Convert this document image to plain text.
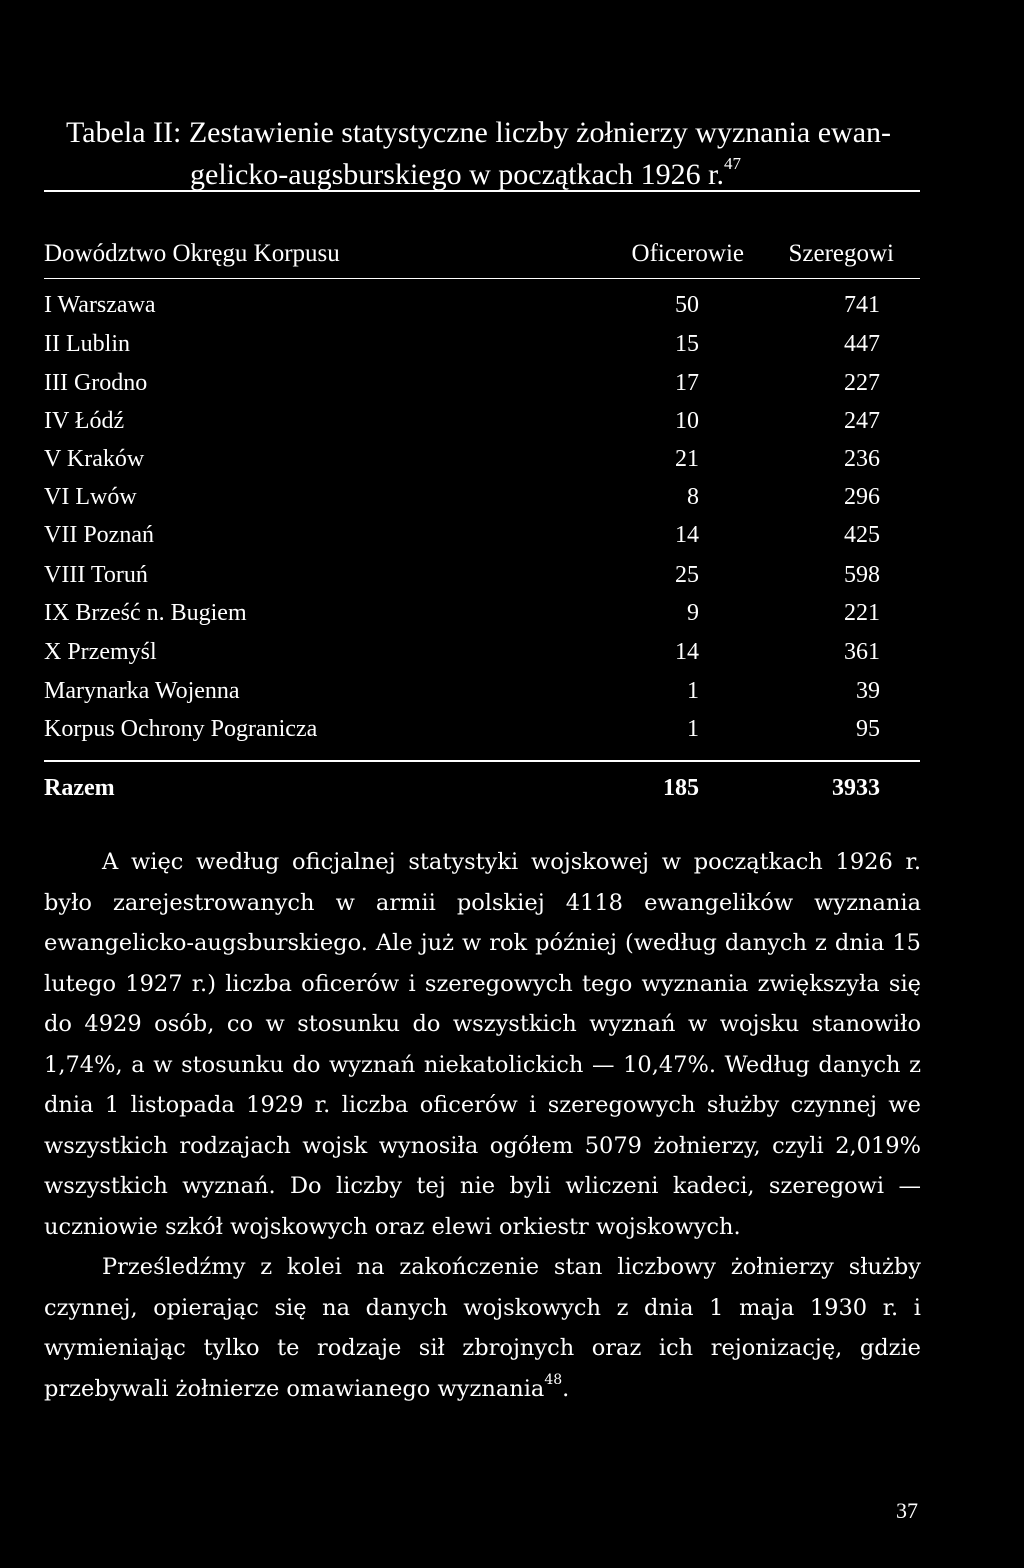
Tabela II: Zestawienie statystyczne liczby żołnierzy wyznania ewan-
gelicko-augsburskiego w początkach 1926 r.$^{47}$
Dowództwo Okręgu Korpusu	Oficerowie Szeregowi
I Warszawa	50	741
II Lublin	15	447
III Grodno	17	227
IV Łódź	10	247
V Kraków	21	236
VI Lwów	8	296
VII Poznań	14	425
VIII Toruń	25	598
IX Brześć n. Bugiem	9	221
X Przemyśl	14	361
Marynarka Wojenna	1	39
Korpus Ochrony Pogranicza	1	95
Razem	185	3933

A więc według oficjalnej statystyki wojskowej w początkach 1926 r. było zarejestrowanych w armii polskiej 4118 ewangelików wyznania ewangelicko-augsburskiego. Ale już w rok później (według danych z dnia 15 lutego 1927 r.) liczba oficerów i szeregowych tego wyznania zwiększyła się do 4929 osób, co w stosunku do wszystkich wyznań w wojsku stanowiło 1,74%, a w stosunku do wyznań niekatolickich — 10,47%. Według danych z dnia 1 listopada 1929 r. liczba oficerów i szeregowych służby czynnej we wszystkich rodzajach wojsk wynosiła ogółem 5079 żołnierzy, czyli 2,019% wszystkich wyznań. Do liczby tej nie byli wliczeni kadeci, szeregowi — uczniowie szkół wojskowych oraz elewi orkiestr wojskowych.

Prześledźmy z kolei na zakończenie stan liczbowy żołnierzy służby czynnej, opierając się na danych wojskowych z dnia 1 maja 1930 r. i wymieniając tylko te rodzaje sił zbrojnych oraz ich rejonizację, gdzie przebywali żołnierze omawianego wyznania$^{48}$.

37
